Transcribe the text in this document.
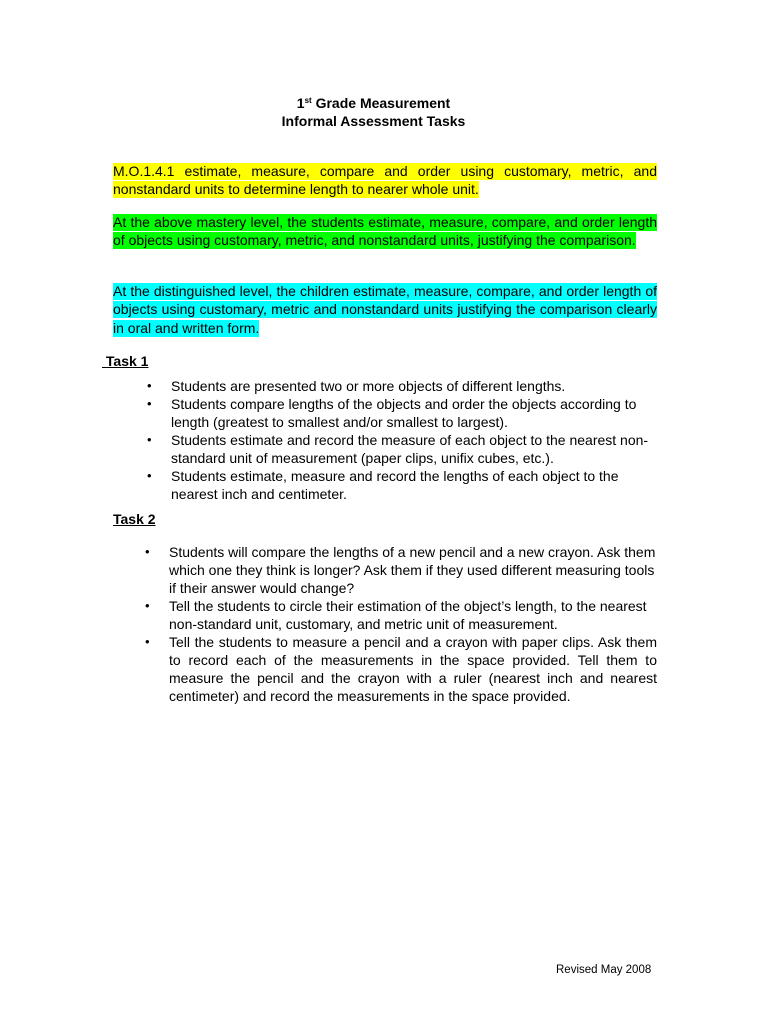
1st Grade Measurement
Informal Assessment Tasks
M.O.1.4.1 estimate, measure, compare and order using customary, metric, and nonstandard units to determine length to nearer whole unit.
At the above mastery level, the students estimate, measure, compare, and order length of objects using customary, metric, and nonstandard units, justifying the comparison.
At the distinguished level, the children estimate, measure, compare, and order length of objects using customary, metric and nonstandard units justifying the comparison clearly in oral and written form.
Task 1
• Students are presented two or more objects of different lengths.
• Students compare lengths of the objects and order the objects according to length (greatest to smallest and/or smallest to largest).
• Students estimate and record the measure of each object to the nearest non-standard unit of measurement (paper clips, unifix cubes, etc.).
• Students estimate, measure and record the lengths of each object to the nearest inch and centimeter.
Task 2
• Students will compare the lengths of a new pencil and a new crayon. Ask them which one they think is longer? Ask them if they used different measuring tools if their answer would change?
• Tell the students to circle their estimation of the object’s length, to the nearest non-standard unit, customary, and metric unit of measurement.
• Tell the students to measure a pencil and a crayon with paper clips. Ask them to record each of the measurements in the space provided. Tell them to measure the pencil and the crayon with a ruler (nearest inch and nearest centimeter) and record the measurements in the space provided.
Revised May 2008
